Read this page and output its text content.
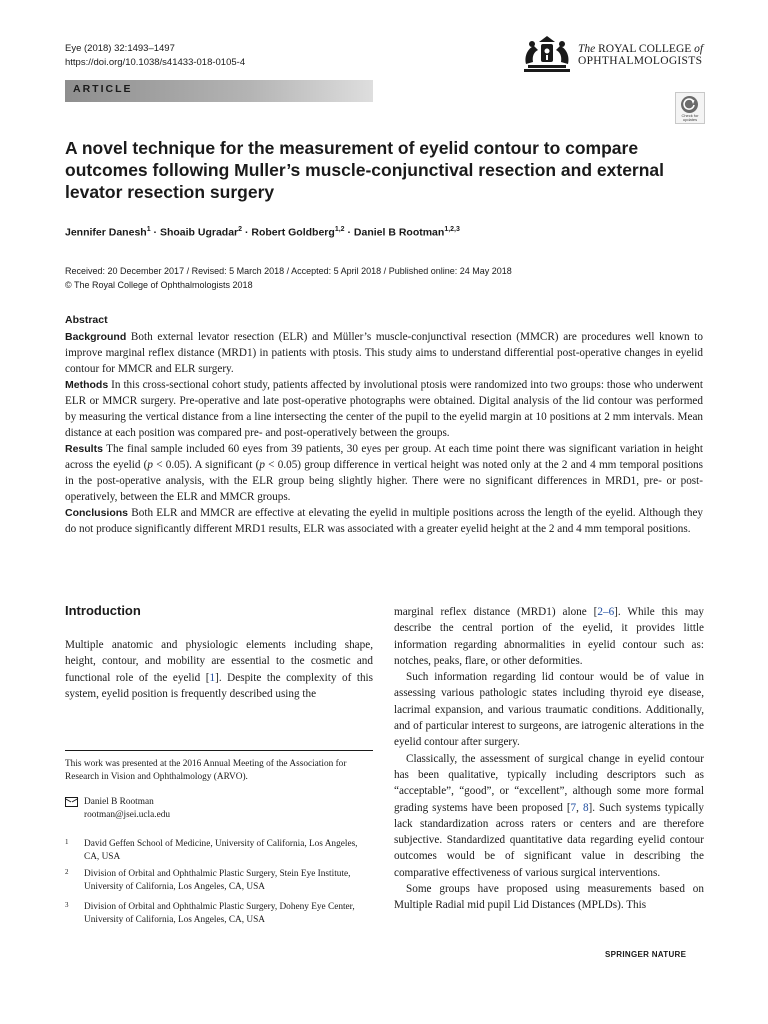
Eye (2018) 32:1493–1497
https://doi.org/10.1038/s41433-018-0105-4
The ROYAL COLLEGE of
OPHTHALMOLOGISTS
ARTICLE
Check for updates
A novel technique for the measurement of eyelid contour to compare outcomes following Muller’s muscle-conjunctival resection and external levator resection surgery
Jennifer Danesh$^1$ · Shoaib Ugradar$^2$ · Robert Goldberg$^{1,2}$ · Daniel B Rootman$^{1,2,3}$
Received: 20 December 2017 / Revised: 5 March 2018 / Accepted: 5 April 2018 / Published online: 24 May 2018
© The Royal College of Ophthalmologists 2018
Abstract

Background Both external levator resection (ELR) and Müller’s muscle-conjunctival resection (MMCR) are procedures well known to improve marginal reflex distance (MRD1) in patients with ptosis. This study aims to understand differential post-operative changes in eyelid contour for MMCR and ELR surgery.

Methods In this cross-sectional cohort study, patients affected by involutional ptosis were randomized into two groups: those who underwent ELR or MMCR surgery. Pre-operative and late post-operative photographs were obtained. Digital analysis of the lid contour was performed by measuring the vertical distance from a line intersecting the center of the pupil to the eyelid margin at 10 positions at 2 mm intervals. Mean distance at each position was compared pre- and post-operatively between the groups.

Results The final sample included 60 eyes from 39 patients, 30 eyes per group. At each time point there was significant variation in height across the eyelid (p < 0.05). A significant (p < 0.05) group difference in vertical height was noted only at the 2 and 4 mm temporal positions in the post-operative analysis, with the ELR group being slightly higher. There were no significant differences in MRD1, pre- or post-operatively, between the ELR and MMCR groups.

Conclusions Both ELR and MMCR are effective at elevating the eyelid in multiple positions across the length of the eyelid. Although they do not produce significantly different MRD1 results, ELR was associated with a greater eyelid height at the 2 and 4 mm temporal positions.

Introduction

Multiple anatomic and physiologic elements including shape, height, contour, and mobility are essential to the cosmetic and functional role of the eyelid [1]. Despite the complexity of this system, eyelid position is frequently described using the

marginal reflex distance (MRD1) alone [2–6]. While this may describe the central portion of the eyelid, it provides little information regarding abnormalities in eyelid contour such as: notches, peaks, flare, or other deformities.

Such information regarding lid contour would be of value in assessing various pathologic states including thyroid eye disease, lacrimal expansion, and various traumatic conditions. Additionally, and of particular interest to surgeons, are iatrogenic alterations in the eyelid contour after surgery.

Classically, the assessment of surgical change in eyelid contour has been qualitative, typically including descriptors such as “acceptable”, “good”, or “excellent”, although some more formal grading systems have been proposed [7, 8]. Such systems typically lack standardization across raters or centers and are therefore subjective. Standardized quantitative data regarding eyelid contour outcomes would be of significant value in describing the comparative effectiveness of various surgical interventions.

Some groups have proposed using measurements based on Multiple Radial mid pupil Lid Distances (MPLDs). This

This work was presented at the 2016 Annual Meeting of the Association for Research in Vision and Ophthalmology (ARVO).
Daniel B Rootman
rootman@jsei.ucla.edu
1 David Geffen School of Medicine, University of California, Los Angeles, CA, USA
2 Division of Orbital and Ophthalmic Plastic Surgery, Stein Eye Institute, University of California, Los Angeles, CA, USA
3 Division of Orbital and Ophthalmic Plastic Surgery, Doheny Eye Center, University of California, Los Angeles, CA, USA
SPRINGER NATURE
